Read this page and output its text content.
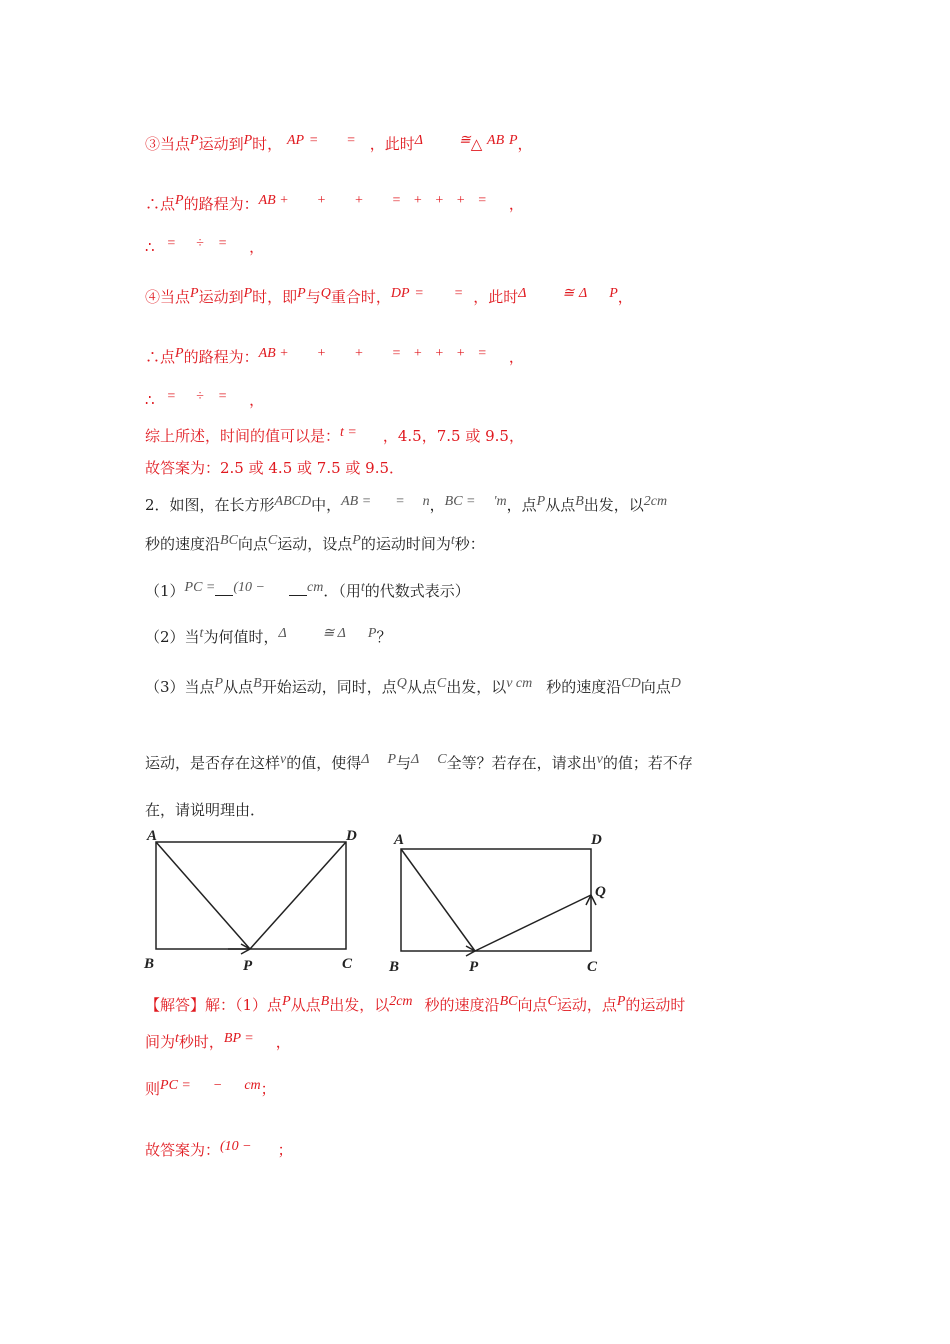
③当点P运动到P时， AP = = ，此时Δ	≅△ AB P，
∴点P的路程为：AB + + + = + + + = ，
∴ = ÷ = ，
④当点P运动到P时，即P与Q重合时，DP = = ，此时Δ	≅ Δ P，
∴点P的路程为：AB + + + = + + + = ，
∴ = ÷ = ，
综上所述，时间的值可以是：t = ，4.5，7.5 或 9.5，
故答案为：2.5 或 4.5 或 7.5 或 9.5．
2．如图，在长方形ABCD中，AB = = n，BC = 'm，点P从点B出发，以2cm
秒的速度沿BC向点C运动，设点P的运动时间为t秒：
（1）PC = (10 −	cm．（用t的代数式表示）
（2）当t为何值时，Δ	≅ Δ P？
（3）当点P从点B开始运动，同时，点Q从点C出发，以v cm 秒的速度沿CD向点D
运动，是否存在这样v的值，使得Δ P与Δ C全等？若存在，请求出v的值；若不存
在，请说明理由．
A	D
B	P	C
A	D
Q
B	P	C
【解答】解：（1）点P从点B出发，以2cm 秒的速度沿BC向点C运动，点P的运动时
间为t秒时，BP = ，
则PC = − cm；
故答案为：(10 − ；
